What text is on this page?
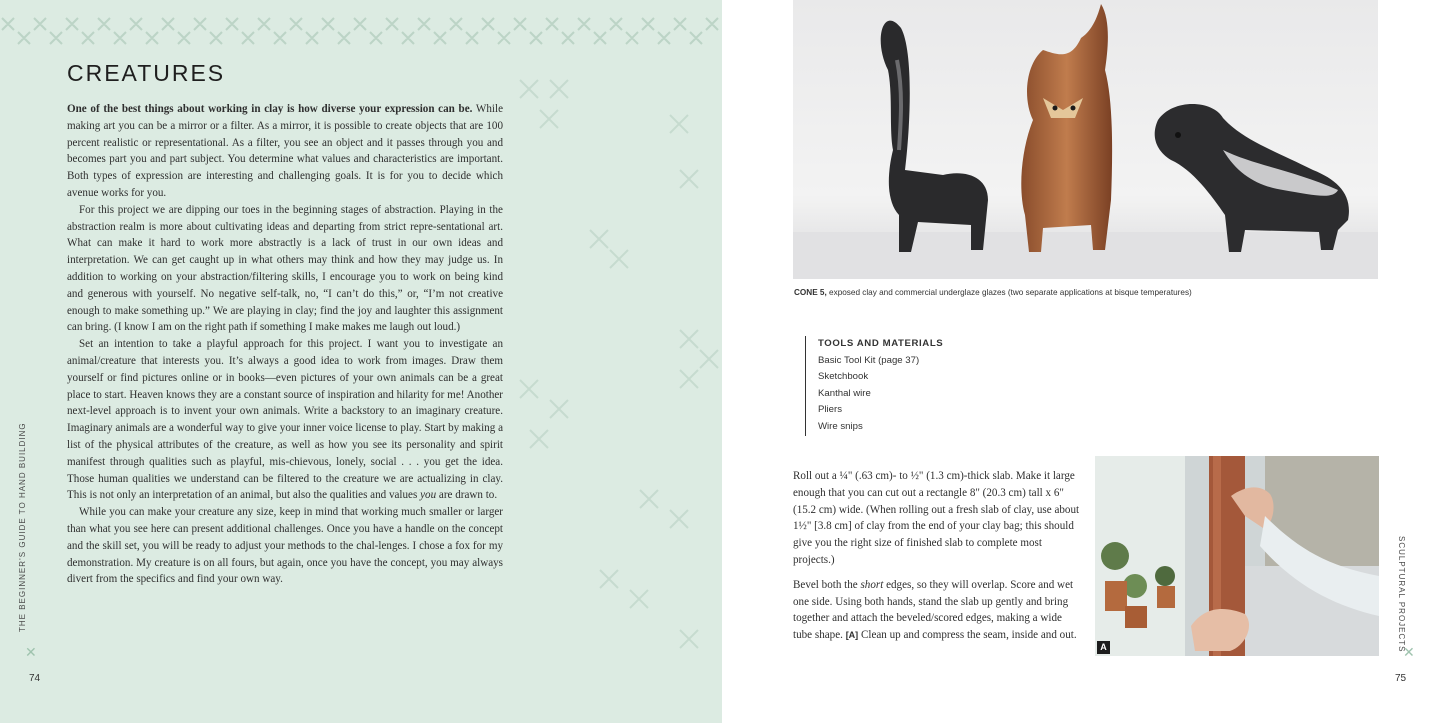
CREATURES

One of the best things about working in clay is how diverse your expression can be. While making art you can be a mirror or a filter. As a mirror, it is possible to create objects that are 100 percent realistic or representational. As a filter, you see an object and it passes through you and becomes part you and part subject. You determine what values and characteristics are important. Both types of expression are interesting and challenging goals. It is for you to decide which avenue works for you.

For this project we are dipping our toes in the beginning stages of abstraction. Playing in the abstraction realm is more about cultivating ideas and departing from strict repre-sentational art. What can make it hard to work more abstractly is a lack of trust in our own ideas and interpretation. We can get caught up in what others may think and how they may judge us. In addition to working on your abstraction/filtering skills, I encourage you to work on being kind and generous with yourself. No negative self-talk, no, “I can’t do this,” or, “I’m not creative enough to make something up.” We are playing in clay; find the joy and laughter this assignment can bring. (I know I am on the right path if something I make makes me laugh out loud.)

Set an intention to take a playful approach for this project. I want you to investigate an animal/creature that interests you. It’s always a good idea to work from images. Draw them yourself or find pictures online or in books—even pictures of your own animals can be a great place to start. Heaven knows they are a constant source of inspiration and hilarity for me! Another next-level approach is to invent your own animals. Write a backstory to an imaginary creature. Imaginary animals are a wonderful way to give your inner voice license to play. Start by making a list of the physical attributes of the creature, as well as how you see its personality and spirit manifest through qualities such as playful, mis-chievous, lonely, social . . . you get the idea. Those human qualities we understand can be filtered to the creature we are actualizing in clay. This is not only an interpretation of an animal, but also the qualities and values you are drawn to.

While you can make your creature any size, keep in mind that working much smaller or larger than what you see here can present additional challenges. Once you have a handle on the concept and the skill set, you will be ready to adjust your methods to the chal-lenges. I chose a fox for my demonstration. My creature is on all fours, but again, once you have the concept, you may always divert from the specifics and find your own way.

THE BEGINNER’S GUIDE TO HAND BUILDING
✕
74
CONE 5, exposed clay and commercial underglaze glazes (two separate applications at bisque temperatures)
TOOLS AND MATERIALS
Basic Tool Kit (page 37)
Sketchbook
Kanthal wire
Pliers
Wire snips

Roll out a ¼" (.63 cm)- to ½" (1.3 cm)-thick slab. Make it large enough that you can cut out a rectangle 8" (20.3 cm) tall x 6" (15.2 cm) wide. (When rolling out a fresh slab of clay, use about 1½" [3.8 cm] of clay from the end of your clay bag; this should give you the right size of finished slab to complete most projects.)

Bevel both the short edges, so they will overlap. Score and wet one side. Using both hands, stand the slab up gently and bring together and attach the beveled/scored edges, making a wide tube shape. [A] Clean up and compress the seam, inside and out.

A	SCULPTURAL PROJECTS
✕
75
